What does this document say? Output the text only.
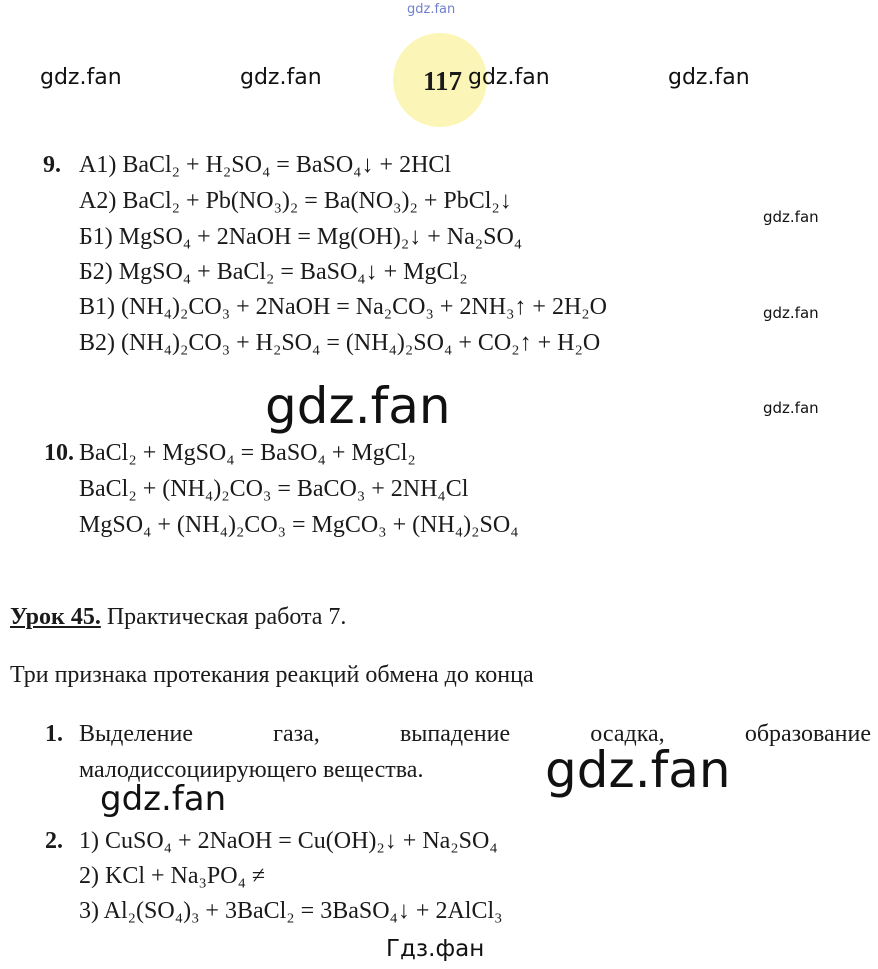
gdz.fan
gdz.fan	gdz.fan	117 gdz.fan	gdz.fan
9. А1) BaCl₂ + H₂SO₄ = BaSO₄↓ + 2HCl
А2) BaCl₂ + Pb(NO₃)₂ = Ba(NO₃)₂ + PbCl₂↓
Б1) MgSO₄ + 2NaOH = Mg(OH)₂↓ + Na₂SO₄
Б2) MgSO₄ + BaCl₂ = BaSO₄↓ + MgCl₂
В1) (NH₄)₂CO₃ + 2NaOH = Na₂CO₃ + 2NH₃↑ + 2H₂O
В2) (NH₄)₂CO₃ + H₂SO₄ = (NH₄)₂SO₄ + CO₂↑ + H₂O
gdz.fan
gdz.fan
gdz.fan
gdz.fan
10. BaCl₂ + MgSO₄ = BaSO₄ + MgCl₂
BaCl₂ + (NH₄)₂CO₃ = BaCO₃ + 2NH₄Cl
MgSO₄ + (NH₄)₂CO₃ = MgCO₃ + (NH₄)₂SO₄
Урок 45. Практическая работа 7.
Три признака протекания реакций обмена до конца
1. Выделение	газа,	выпадение	осадка,	образование
малодиссоциирующего вещества. gdz.fan
gdz.fan
2. 1) CuSO₄ + 2NaOH = Cu(OH)₂↓ + Na₂SO₄
2) KCl + Na₃PO₄ ≠
3) Al₂(SO₄)₃ + 3BaCl₂ = 3BaSO₄↓ + 2AlCl₃
Гдз.фан
